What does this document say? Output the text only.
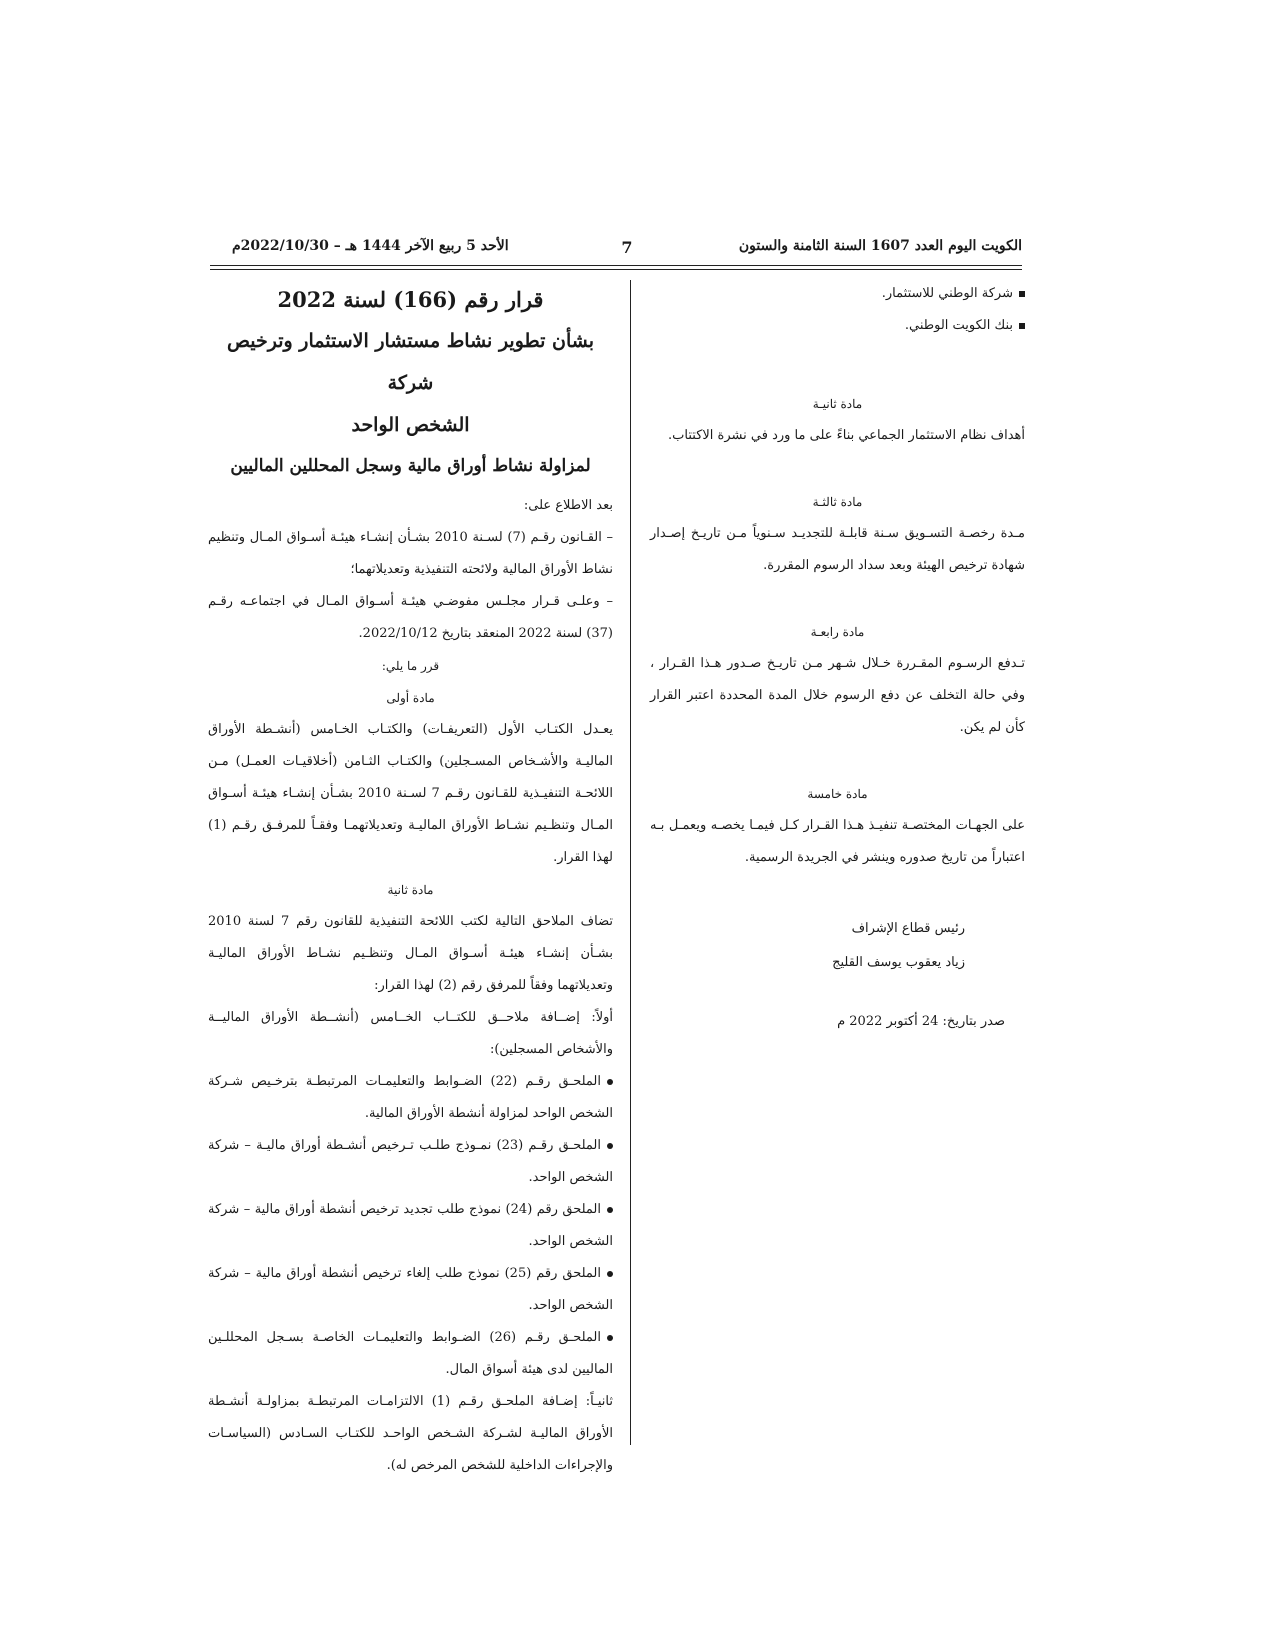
الكويت اليوم العدد 1607 السنة الثامنة والستون
7
الأحد 5 ربيع الآخر 1444 هـ – 2022/10/30م

شركة الوطني للاستثمار.

بنك الكويت الوطني.

مادة ثانيـة

أهداف نظام الاستثمار الجماعي بناءً على ما ورد في نشرة الاكتتاب.

مادة ثالثـة

مـدة رخصـة التسـويق سـنة قابلـة للتجديـد سـنوياً مـن تاريـخ إصـدار شهادة ترخيص الهيئة وبعد سداد الرسوم المقررة.

مادة رابعـة

تـدفع الرسـوم المقـررة خـلال شـهر مـن تاريـخ صـدور هـذا القـرار ، وفي حالة التخلف عن دفع الرسوم خلال المدة المحددة اعتبر القرار كأن لم يكن.

مادة خامسة

على الجهـات المختصـة تنفيـذ هـذا القـرار كـل فيمـا يخصـه ويعمـل بـه اعتباراً من تاريخ صدوره وينشر في الجريدة الرسمية.

رئيس قطاع الإشراف

زياد يعقوب يوسف القليج

صدر بتاريخ: 24 أكتوبر 2022 م

قرار رقم (166) لسنة 2022

بشأن تطوير نشاط مستشار الاستثمار وترخيص شركة

الشخص الواحد

لمزاولة نشاط أوراق مالية وسجل المحللين الماليين

بعد الاطلاع على:

– القـانون رقـم (7) لسـنة 2010 بشـأن إنشـاء هيئـة أسـواق المـال وتنظيم نشاط الأوراق المالية ولائحته التنفيذية وتعديلاتهما؛

– وعلـى قـرار مجلـس مفوضـي هيئـة أسـواق المـال في اجتماعـه رقـم (37) لسنة 2022 المنعقد بتاريخ 2022/10/12.

قرر ما يلي:

مادة أولى

يعـدل الكتـاب الأول (التعريفـات) والكتـاب الخـامس (أنشـطة الأوراق الماليـة والأشـخاص المسـجلين) والكتـاب الثـامن (أخلاقيـات العمـل) مـن اللائحـة التنفيـذية للقـانون رقـم 7 لسـنة 2010 بشـأن إنشـاء هيئـة أسـواق المـال وتنظـيم نشـاط الأوراق الماليـة وتعديلاتهمـا وفقـاً للمرفـق رقـم (1) لهذا القرار.

مادة ثانية

تضاف الملاحق التالية لكتب اللائحة التنفيذية للقانون رقم 7 لسنة 2010 بشـأن إنشـاء هيئـة أسـواق المـال وتنظـيم نشـاط الأوراق الماليـة وتعديلاتهما وفقاً للمرفق رقم (2) لهذا القرار:

أولاً: إضــافة ملاحــق للكتــاب الخــامس (أنشــطة الأوراق الماليــة والأشخاص المسجلين):

الملحـق رقـم (22) الضـوابط والتعليمـات المرتبطـة بترخـيص شـركة الشخص الواحد لمزاولة أنشطة الأوراق المالية.

الملحـق رقـم (23) نمـوذج طلـب تـرخيص أنشـطة أوراق ماليـة – شركة الشخص الواحد.

الملحق رقم (24) نموذج طلب تجديد ترخيص أنشطة أوراق مالية – شركة الشخص الواحد.

الملحق رقم (25) نموذج طلب إلغاء ترخيص أنشطة أوراق مالية – شركة الشخص الواحد.

الملحـق رقـم (26) الضـوابط والتعليمـات الخاصـة بسـجل المحللـين الماليين لدى هيئة أسواق المال.

ثانيـاً: إضـافة الملحـق رقـم (1) الالتزامـات المرتبطـة بمزاولـة أنشـطة الأوراق الماليـة لشـركة الشـخص الواحـد للكتـاب السـادس (السياسـات والإجراءات الداخلية للشخص المرخص له).
